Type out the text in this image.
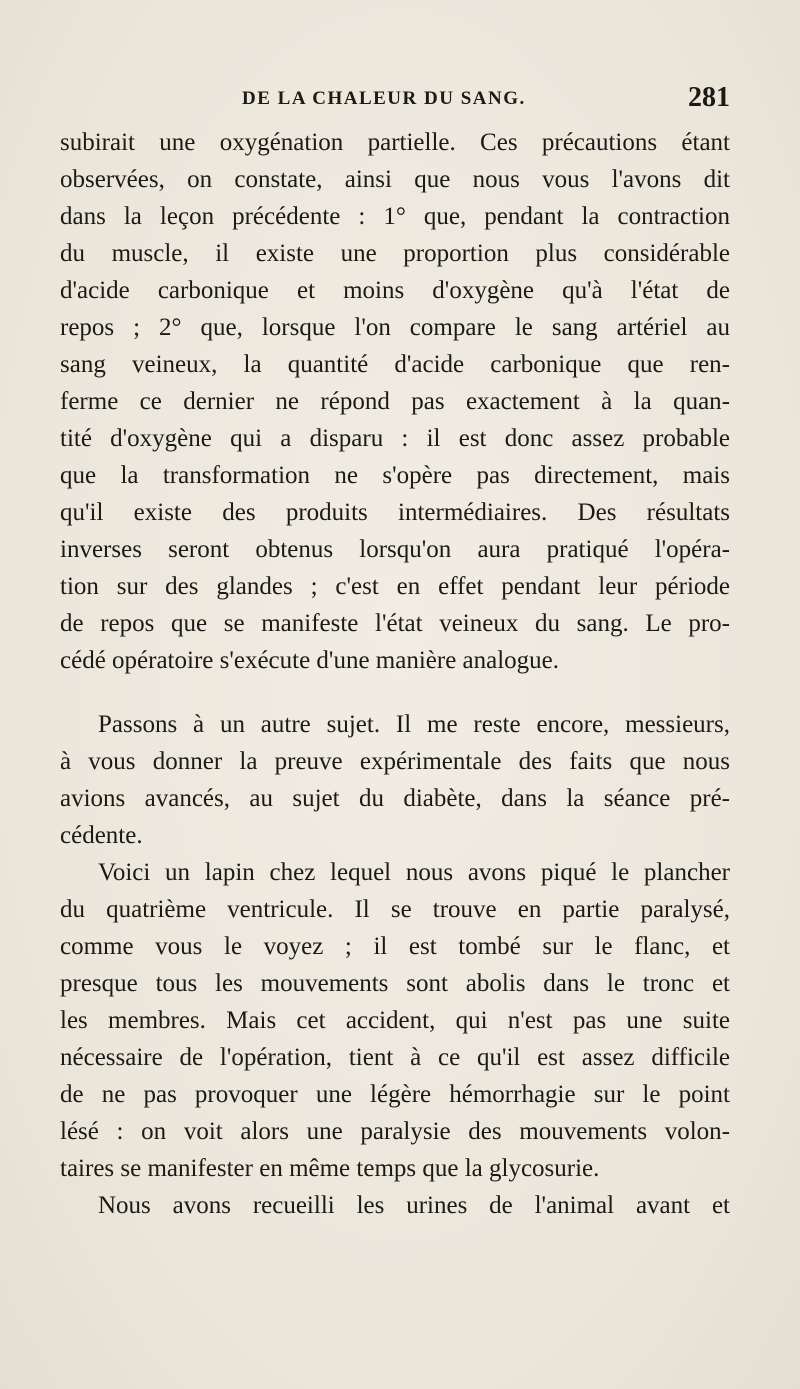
DE LA CHALEUR DU SANG.	281

subirait une oxygénation partielle. Ces précautions étant
observées, on constate, ainsi que nous vous l'avons dit
dans la leçon précédente : 1° que, pendant la contraction
du muscle, il existe une proportion plus considérable
d'acide carbonique et moins d'oxygène qu'à l'état de
repos ; 2° que, lorsque l'on compare le sang artériel au
sang veineux, la quantité d'acide carbonique que ren-
ferme ce dernier ne répond pas exactement à la quan-
tité d'oxygène qui a disparu : il est donc assez probable
que la transformation ne s'opère pas directement, mais
qu'il existe des produits intermédiaires. Des résultats
inverses seront obtenus lorsqu'on aura pratiqué l'opéra-
tion sur des glandes ; c'est en effet pendant leur période
de repos que se manifeste l'état veineux du sang. Le pro-
cédé opératoire s'exécute d'une manière analogue.

Passons à un autre sujet. Il me reste encore, messieurs,
à vous donner la preuve expérimentale des faits que nous
avions avancés, au sujet du diabète, dans la séance pré-
cédente.

Voici un lapin chez lequel nous avons piqué le plancher
du quatrième ventricule. Il se trouve en partie paralysé,
comme vous le voyez ; il est tombé sur le flanc, et
presque tous les mouvements sont abolis dans le tronc et
les membres. Mais cet accident, qui n'est pas une suite
nécessaire de l'opération, tient à ce qu'il est assez difficile
de ne pas provoquer une légère hémorrhagie sur le point
lésé : on voit alors une paralysie des mouvements volon-
taires se manifester en même temps que la glycosurie.

Nous avons recueilli les urines de l'animal avant et
